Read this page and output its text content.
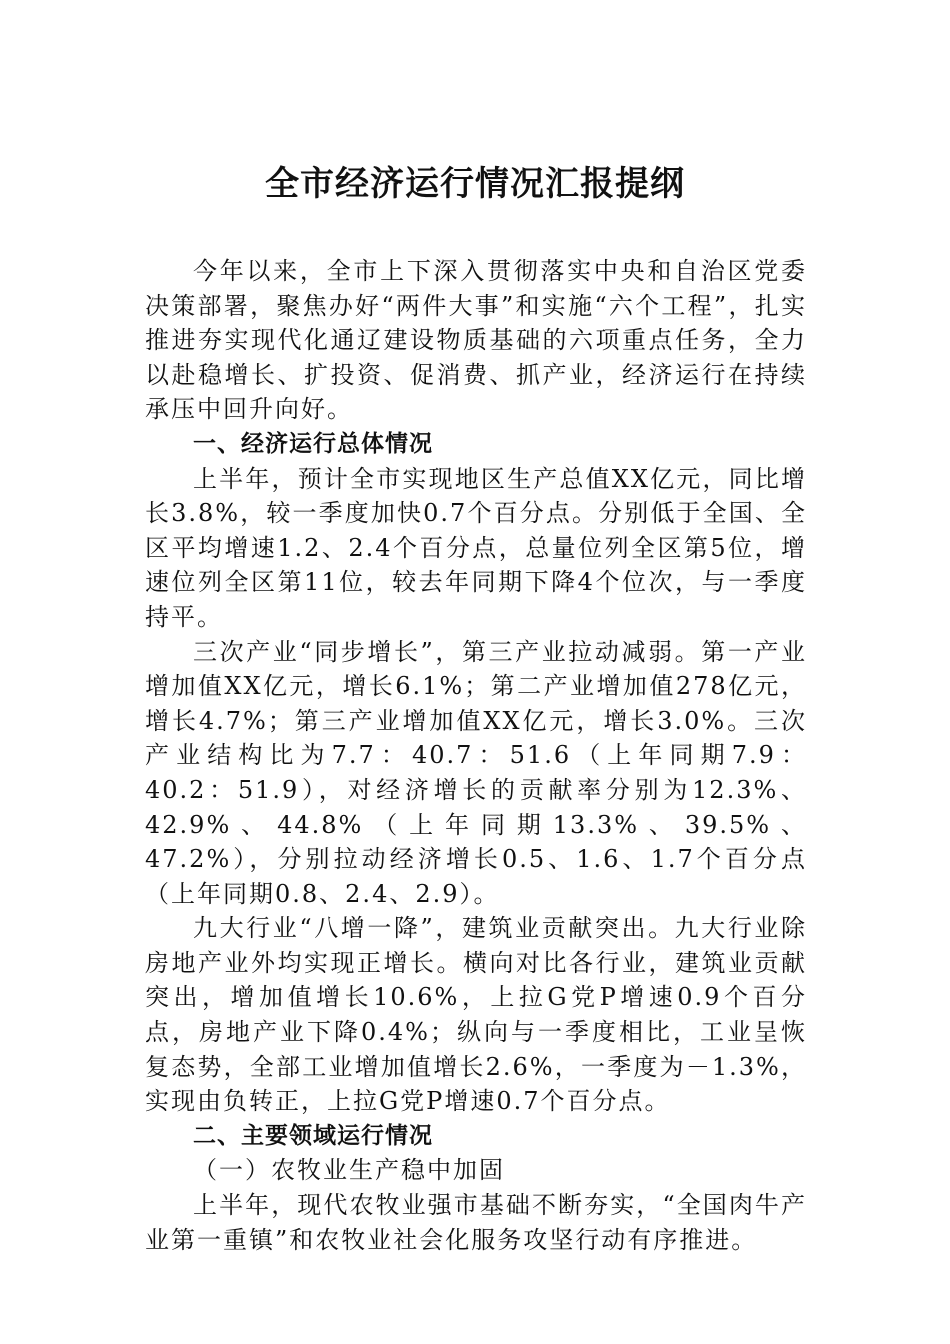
全市经济运行情况汇报提纲

今年以来，全市上下深入贯彻落实中央和自治区党委决策部署，聚焦办好“两件大事”和实施“六个工程”，扎实推进夯实现代化通辽建设物质基础的六项重点任务，全力以赴稳增长、扩投资、促消费、抓产业，经济运行在持续承压中回升向好。

一、经济运行总体情况

上半年，预计全市实现地区生产总值XX亿元，同比增长3.8%，较一季度加快0.7个百分点。分别低于全国、全区平均增速1.2、2.4个百分点，总量位列全区第5位，增速位列全区第11位，较去年同期下降4个位次，与一季度持平。

三次产业“同步增长”，第三产业拉动减弱。第一产业增加值XX亿元，增长6.1%；第二产业增加值278亿元，增长4.7%；第三产业增加值XX亿元，增长3.0%。三次产业结构比为7.7：40.7：51.6（上年同期7.9：40.2：51.9），对经济增长的贡献率分别为12.3%、42.9%、44.8%（上年同期13.3%、39.5%、47.2%），分别拉动经济增长0.5、1.6、1.7个百分点（上年同期0.8、2.4、2.9）。

九大行业“八增一降”，建筑业贡献突出。九大行业除房地产业外均实现正增长。横向对比各行业，建筑业贡献突出，增加值增长10.6%，上拉G党P增速0.9个百分点，房地产业下降0.4%；纵向与一季度相比，工业呈恢复态势，全部工业增加值增长2.6%，一季度为－1.3%，实现由负转正，上拉G党P增速0.7个百分点。

二、主要领域运行情况

（一）农牧业生产稳中加固

上半年，现代农牧业强市基础不断夯实，“全国肉牛产业第一重镇”和农牧业社会化服务攻坚行动有序推进。
